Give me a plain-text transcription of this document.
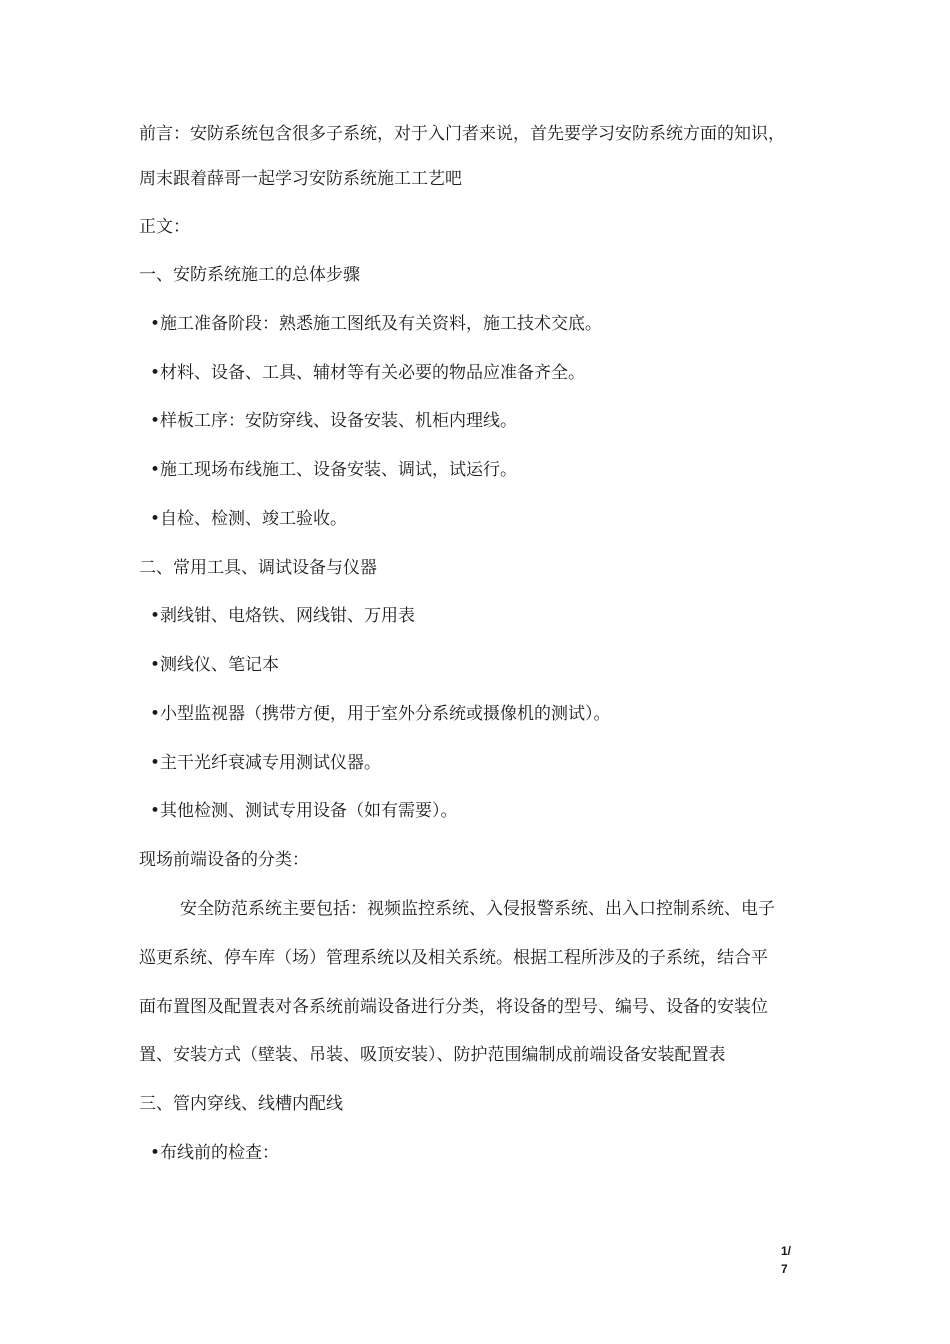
前言：安防系统包含很多子系统，对于入门者来说，首先要学习安防系统方面的知识，
周末跟着薛哥一起学习安防系统施工工艺吧
正文：
一、安防系统施工的总体步骤
•施工准备阶段：熟悉施工图纸及有关资料，施工技术交底。
•材料、设备、工具、辅材等有关必要的物品应准备齐全。
•样板工序：安防穿线、设备安装、机柜内理线。
•施工现场布线施工、设备安装、调试，试运行。
•自检、检测、竣工验收。
二、常用工具、调试设备与仪器
•剥线钳、电烙铁、网线钳、万用表
•测线仪、笔记本
•小型监视器（携带方便，用于室外分系统或摄像机的测试）。
•主干光纤衰减专用测试仪器。
•其他检测、测试专用设备（如有需要）。
现场前端设备的分类：
安全防范系统主要包括：视频监控系统、入侵报警系统、出入口控制系统、电子
巡更系统、停车库（场）管理系统以及相关系统。根据工程所涉及的子系统，结合平
面布置图及配置表对各系统前端设备进行分类，将设备的型号、编号、设备的安装位
置、安装方式（壁装、吊装、吸顶安装）、防护范围编制成前端设备安装配置表
三、管内穿线、线槽内配线
•布线前的检查：
1/
7
